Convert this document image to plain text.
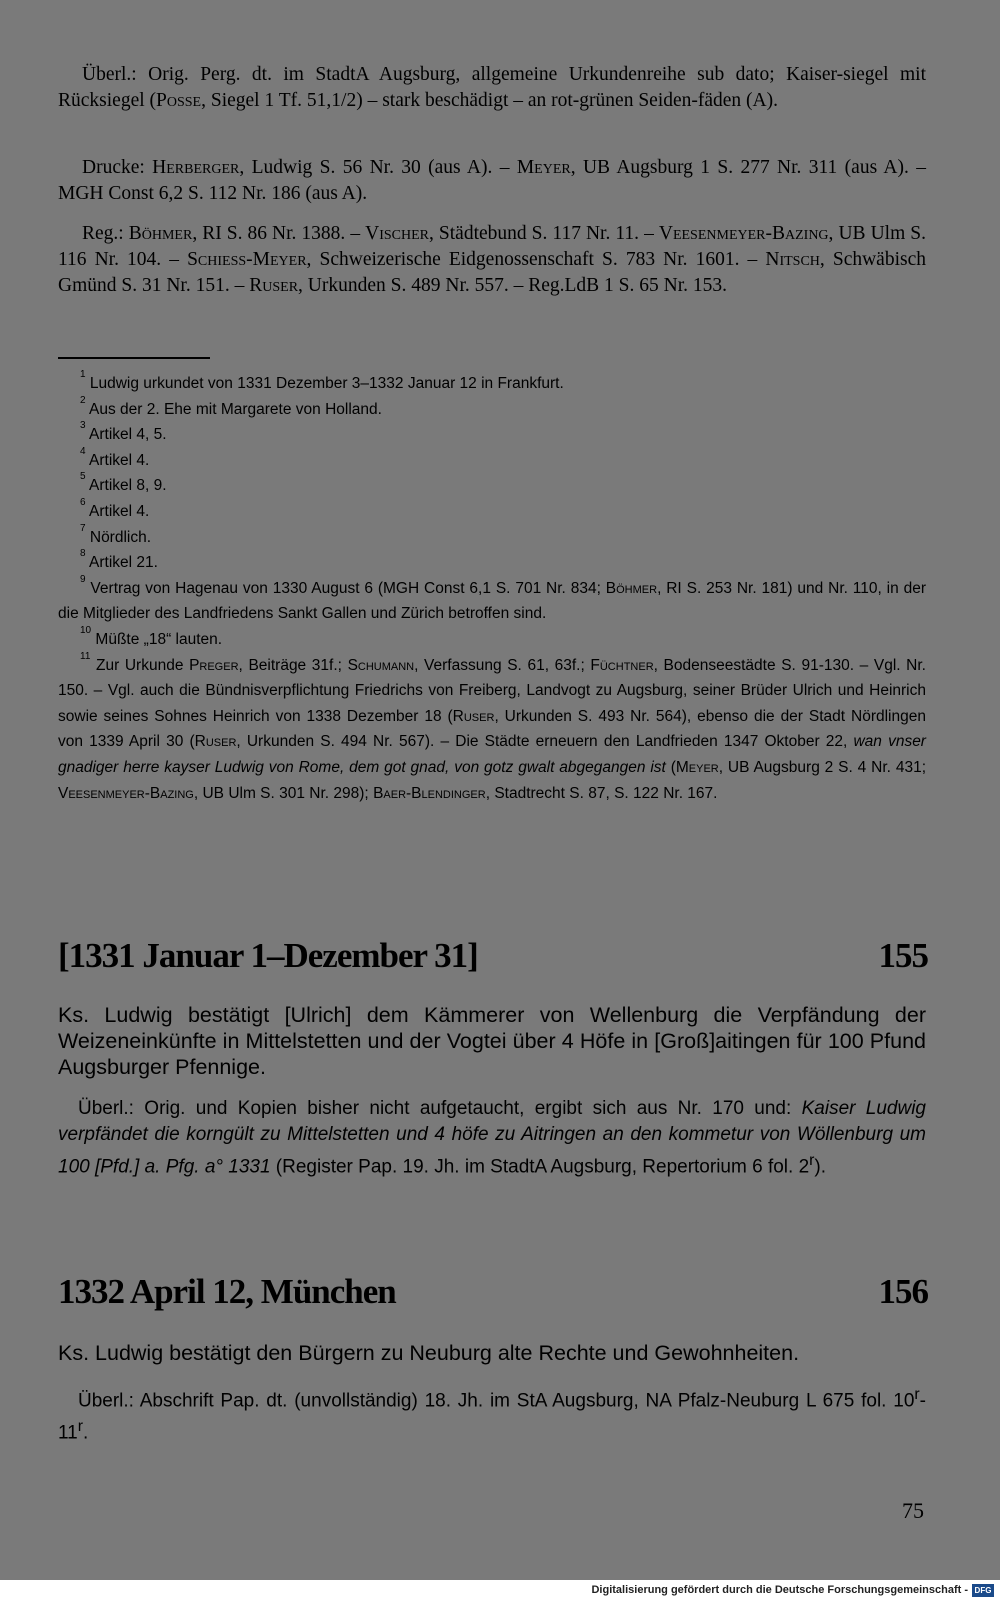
Überl.: Orig. Perg. dt. im StadtA Augsburg, allgemeine Urkundenreihe sub dato; Kaiser-siegel mit Rücksiegel (Posse, Siegel 1 Tf. 51,1/2) – stark beschädigt – an rot-grünen Seiden-fäden (A).

Drucke: Herberger, Ludwig S. 56 Nr. 30 (aus A). – Meyer, UB Augsburg 1 S. 277 Nr. 311 (aus A). – MGH Const 6,2 S. 112 Nr. 186 (aus A).

Reg.: Böhmer, RI S. 86 Nr. 1388. – Vischer, Städtebund S. 117 Nr. 11. – Veesenmeyer-Bazing, UB Ulm S. 116 Nr. 104. – Schiess-Meyer, Schweizerische Eidgenossenschaft S. 783 Nr. 1601. – Nitsch, Schwäbisch Gmünd S. 31 Nr. 151. – Ruser, Urkunden S. 489 Nr. 557. – Reg.LdB 1 S. 65 Nr. 153.

$^1$ Ludwig urkundet von 1331 Dezember 3–1332 Januar 12 in Frankfurt.
$^2$ Aus der 2. Ehe mit Margarete von Holland.
$^3$ Artikel 4, 5.
$^4$ Artikel 4.
$^5$ Artikel 8, 9.
$^6$ Artikel 4.
$^7$ Nördlich.
$^8$ Artikel 21.
$^9$ Vertrag von Hagenau von 1330 August 6 (MGH Const 6,1 S. 701 Nr. 834; Böhmer, RI S. 253 Nr. 181) und Nr. 110, in der die Mitglieder des Landfriedens Sankt Gallen und Zürich betroffen sind.
$^{10}$ Müßte „18“ lauten.
$^{11}$ Zur Urkunde Preger, Beiträge 31f.; Schumann, Verfassung S. 61, 63f.; Füchtner, Bodenseestädte S. 91-130. – Vgl. Nr. 150. – Vgl. auch die Bündnisverpflichtung Friedrichs von Freiberg, Landvogt zu Augsburg, seiner Brüder Ulrich und Heinrich sowie seines Sohnes Heinrich von 1338 Dezember 18 (Ruser, Urkunden S. 493 Nr. 564), ebenso die der Stadt Nördlingen von 1339 April 30 (Ruser, Urkunden S. 494 Nr. 567). – Die Städte erneuern den Landfrieden 1347 Oktober 22, wan vnser gnadiger herre kayser Ludwig von Rome, dem got gnad, von gotz gwalt abgegangen ist (Meyer, UB Augsburg 2 S. 4 Nr. 431; Veesenmeyer-Bazing, UB Ulm S. 301 Nr. 298); Baer-Blendinger, Stadtrecht S. 87, S. 122 Nr. 167.
[1331 Januar 1–Dezember 31]	155
Ks. Ludwig bestätigt [Ulrich] dem Kämmerer von Wellenburg die Verpfändung der Weizeneinkünfte in Mittelstetten und der Vogtei über 4 Höfe in [Groß]aitingen für 100 Pfund Augsburger Pfennige.
Überl.: Orig. und Kopien bisher nicht aufgetaucht, ergibt sich aus Nr. 170 und: Kaiser Ludwig verpfändet die korngült zu Mittelstetten und 4 höfe zu Aitringen an den kommetur von Wöllenburg um 100 [Pfd.] a. Pfg. a° 1331 (Register Pap. 19. Jh. im StadtA Augsburg, Repertorium 6 fol. 2$^r$).
1332 April 12, München	156
Ks. Ludwig bestätigt den Bürgern zu Neuburg alte Rechte und Gewohnheiten.
Überl.: Abschrift Pap. dt. (unvollständig) 18. Jh. im StA Augsburg, NA Pfalz-Neuburg L 675 fol. 10$^r$-11$^r$.
75
Digitalisierung gefördert durch die Deutsche Forschungsgemeinschaft - DFG
